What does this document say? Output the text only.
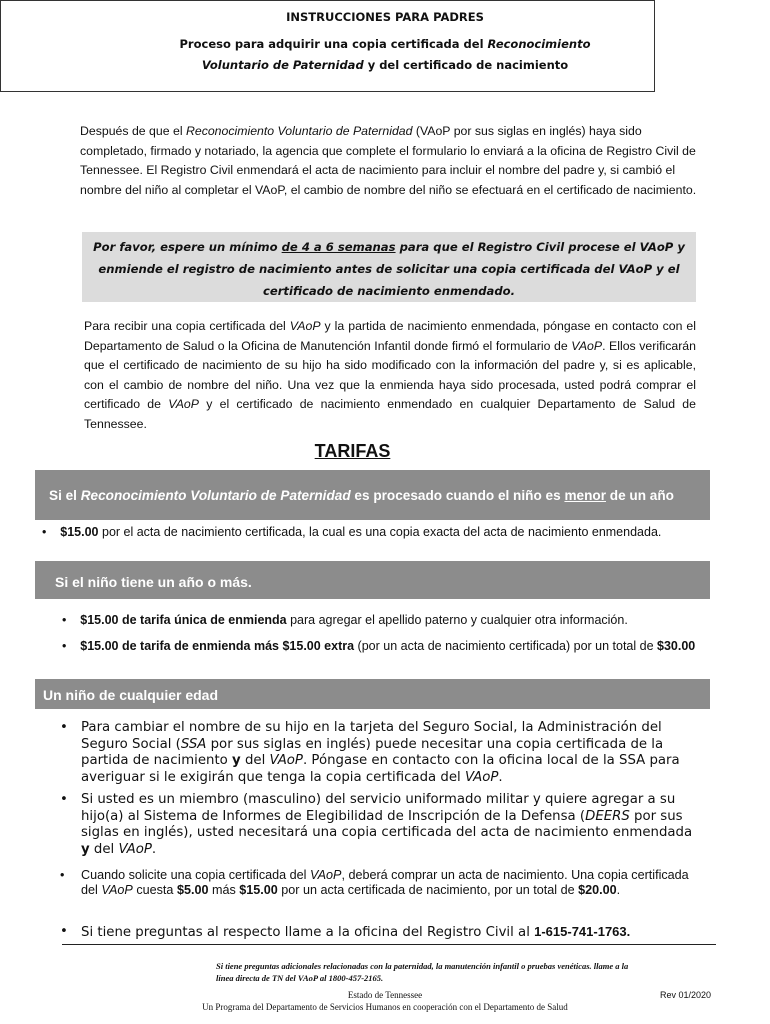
INSTRUCCIONES PARA PADRES
Proceso para adquirir una copia certificada del Reconocimiento
Voluntario de Paternidad y del certificado de nacimiento
Después de que el Reconocimiento Voluntario de Paternidad (VAoP por sus siglas en inglés) haya sido completado, firmado y notariado, la agencia que complete el formulario lo enviará a la oficina de Registro Civil de Tennessee. El Registro Civil enmendará el acta de nacimiento para incluir el nombre del padre y, si cambió el nombre del niño al completar el VAoP, el cambio de nombre del niño se efectuará en el certificado de nacimiento.
Por favor, espere un mínimo de 4 a 6 semanas para que el Registro Civil procese el VAoP y enmiende el registro de nacimiento antes de solicitar una copia certificada del VAoP y el certificado de nacimiento enmendado.
Para recibir una copia certificada del VAoP y la partida de nacimiento enmendada, póngase en contacto con el Departamento de Salud o la Oficina de Manutención Infantil donde firmó el formulario de VAoP. Ellos verificarán que el certificado de nacimiento de su hijo ha sido modificado con la información del padre y, si es aplicable, con el cambio de nombre del niño. Una vez que la enmienda haya sido procesada, usted podrá comprar el certificado de VAoP y el certificado de nacimiento enmendado en cualquier Departamento de Salud de Tennessee.
TARIFAS
Si el Reconocimiento Voluntario de Paternidad es procesado cuando el niño es menor de un año
•    $15.00 por el acta de nacimiento certificada, la cual es una copia exacta del acta de nacimiento enmendada.
Si el niño tiene un año o más.
•    $15.00 de tarifa única de enmienda para agregar el apellido paterno y cualquier otra información.
•    $15.00 de tarifa de enmienda más $15.00 extra (por un acta de nacimiento certificada) por un total de $30.00
Un niño de cualquier edad
• Para cambiar el nombre de su hijo en la tarjeta del Seguro Social, la Administración del Seguro Social (SSA por sus siglas en inglés) puede necesitar una copia certificada de la partida de nacimiento y del VAoP. Póngase en contacto con la oficina local de la SSA para averiguar si le exigirán que tenga la copia certificada del VAoP.
• Si usted es un miembro (masculino) del servicio uniformado militar y quiere agregar a su hijo(a) al Sistema de Informes de Elegibilidad de Inscripción de la Defensa (DEERS por sus siglas en inglés), usted necesitará una copia certificada del acta de nacimiento enmendada y del VAoP.
• Cuando solicite una copia certificada del VAoP, deberá comprar un acta de nacimiento. Una copia certificada del VAoP cuesta $5.00 más $15.00 por un acta certificada de nacimiento, por un total de $20.00.
• Si tiene preguntas al respecto llame a la oficina del Registro Civil al 1-615-741-1763.
Si tiene preguntas adicionales relacionadas con la paternidad, la manutención infantil o pruebas venéticas. llame a la línea directa de TN del VAoP al 1800-457-2165.
Estado de Tennessee
Un Programa del Departamento de Servicios Humanos en cooperación con el Departamento de Salud
Rev 01/2020
